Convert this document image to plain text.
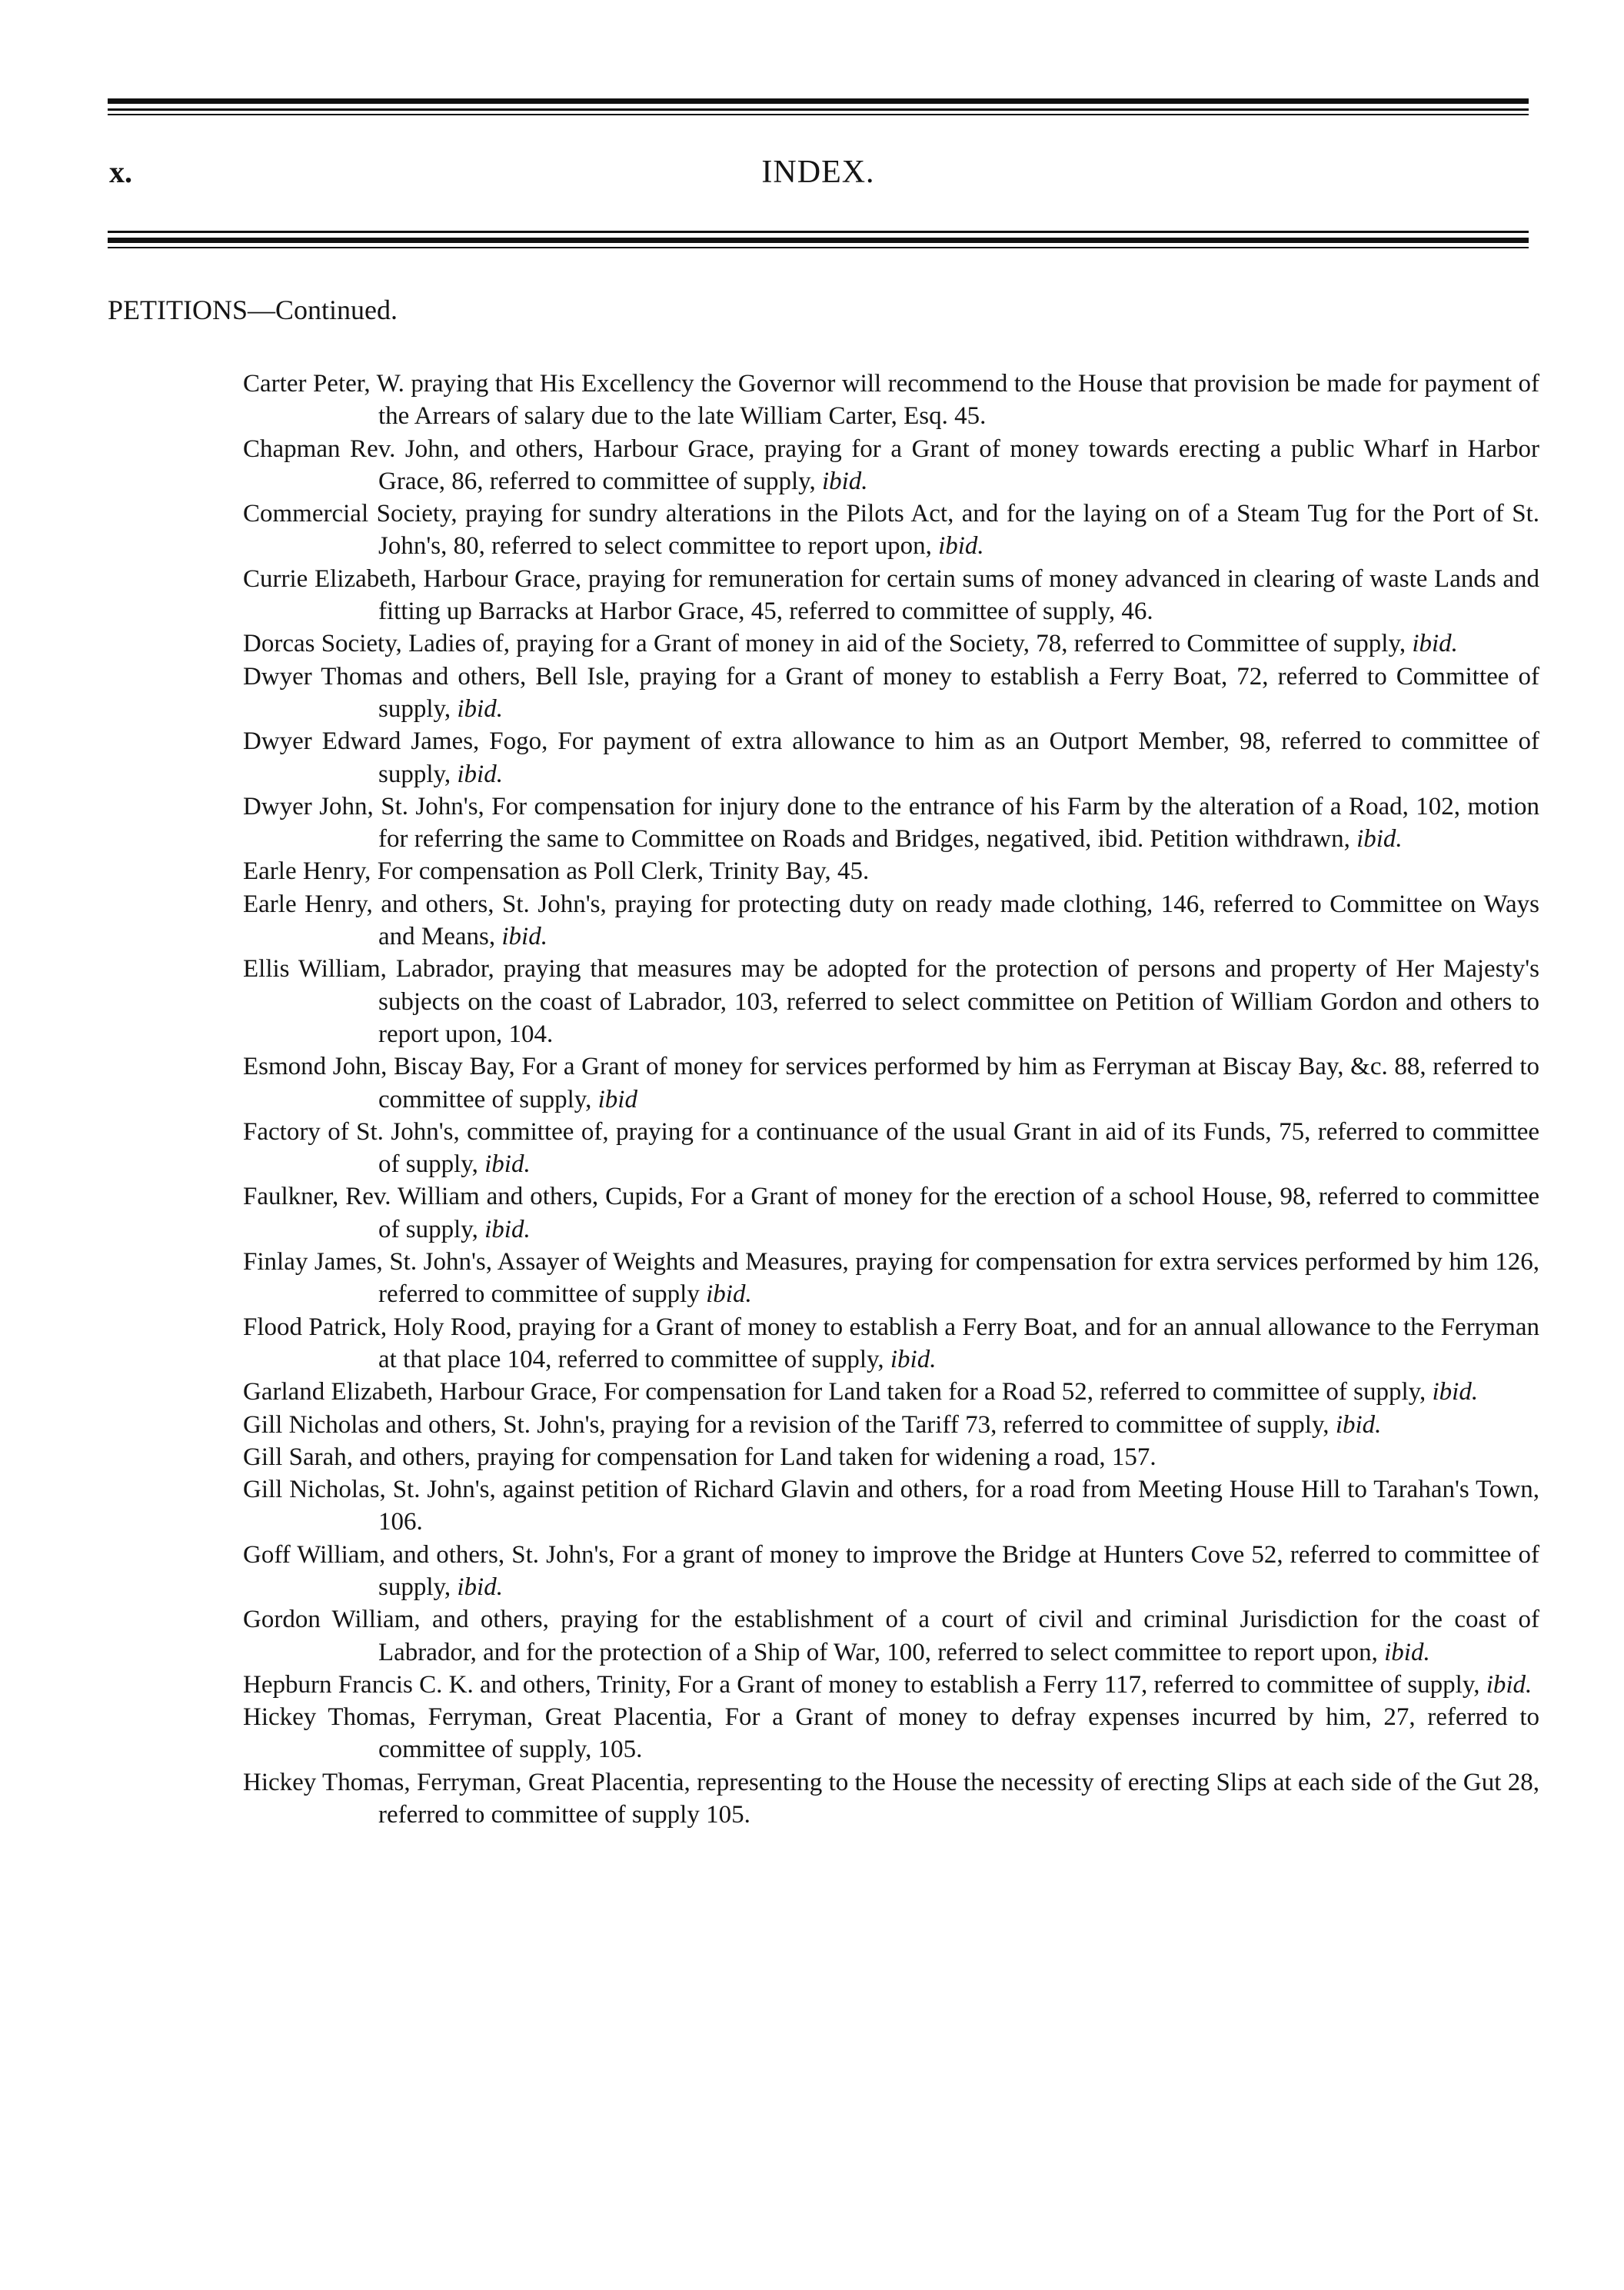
x.	INDEX.
PETITIONS—Continued.

Carter Peter, W. praying that His Excellency the Governor will recommend to the House that provision be made for payment of the Arrears of salary due to the late William Carter, Esq. 45.

Chapman Rev. John, and others, Harbour Grace, praying for a Grant of money towards erecting a public Wharf in Harbor Grace, 86, referred to committee of supply, ibid.

Commercial Society, praying for sundry alterations in the Pilots Act, and for the laying on of a Steam Tug for the Port of St. John's, 80, referred to select committee to report upon, ibid.

Currie Elizabeth, Harbour Grace, praying for remuneration for certain sums of money advanced in clearing of waste Lands and fitting up Barracks at Harbor Grace, 45, referred to committee of supply, 46.

Dorcas Society, Ladies of, praying for a Grant of money in aid of the Society, 78, referred to Committee of supply, ibid.

Dwyer Thomas and others, Bell Isle, praying for a Grant of money to establish a Ferry Boat, 72, referred to Committee of supply, ibid.

Dwyer Edward James, Fogo, For payment of extra allowance to him as an Outport Member, 98, referred to committee of supply, ibid.

Dwyer John, St. John's, For compensation for injury done to the entrance of his Farm by the alteration of a Road, 102, motion for referring the same to Committee on Roads and Bridges, negatived, ibid. Petition withdrawn, ibid.

Earle Henry, For compensation as Poll Clerk, Trinity Bay, 45.

Earle Henry, and others, St. John's, praying for protecting duty on ready made clothing, 146, referred to Committee on Ways and Means, ibid.

Ellis William, Labrador, praying that measures may be adopted for the protection of persons and property of Her Majesty's subjects on the coast of Labrador, 103, referred to select committee on Petition of William Gordon and others to report upon, 104.

Esmond John, Biscay Bay, For a Grant of money for services performed by him as Ferryman at Biscay Bay, &c. 88, referred to committee of supply, ibid

Factory of St. John's, committee of, praying for a continuance of the usual Grant in aid of its Funds, 75, referred to committee of supply, ibid.

Faulkner, Rev. William and others, Cupids, For a Grant of money for the erection of a school House, 98, referred to committee of supply, ibid.

Finlay James, St. John's, Assayer of Weights and Measures, praying for compensation for extra services performed by him 126, referred to committee of supply ibid.

Flood Patrick, Holy Rood, praying for a Grant of money to establish a Ferry Boat, and for an annual allowance to the Ferryman at that place 104, referred to committee of supply, ibid.

Garland Elizabeth, Harbour Grace, For compensation for Land taken for a Road 52, referred to committee of supply, ibid.

Gill Nicholas and others, St. John's, praying for a revision of the Tariff 73, referred to committee of supply, ibid.

Gill Sarah, and others, praying for compensation for Land taken for widening a road, 157.

Gill Nicholas, St. John's, against petition of Richard Glavin and others, for a road from Meeting House Hill to Tarahan's Town, 106.

Goff William, and others, St. John's, For a grant of money to improve the Bridge at Hunters Cove 52, referred to committee of supply, ibid.

Gordon William, and others, praying for the establishment of a court of civil and criminal Jurisdiction for the coast of Labrador, and for the protection of a Ship of War, 100, referred to select committee to report upon, ibid.

Hepburn Francis C. K. and others, Trinity, For a Grant of money to establish a Ferry 117, referred to committee of supply, ibid.

Hickey Thomas, Ferryman, Great Placentia, For a Grant of money to defray expenses incurred by him, 27, referred to committee of supply, 105.

Hickey Thomas, Ferryman, Great Placentia, representing to the House the necessity of erecting Slips at each side of the Gut 28, referred to committee of supply 105.
